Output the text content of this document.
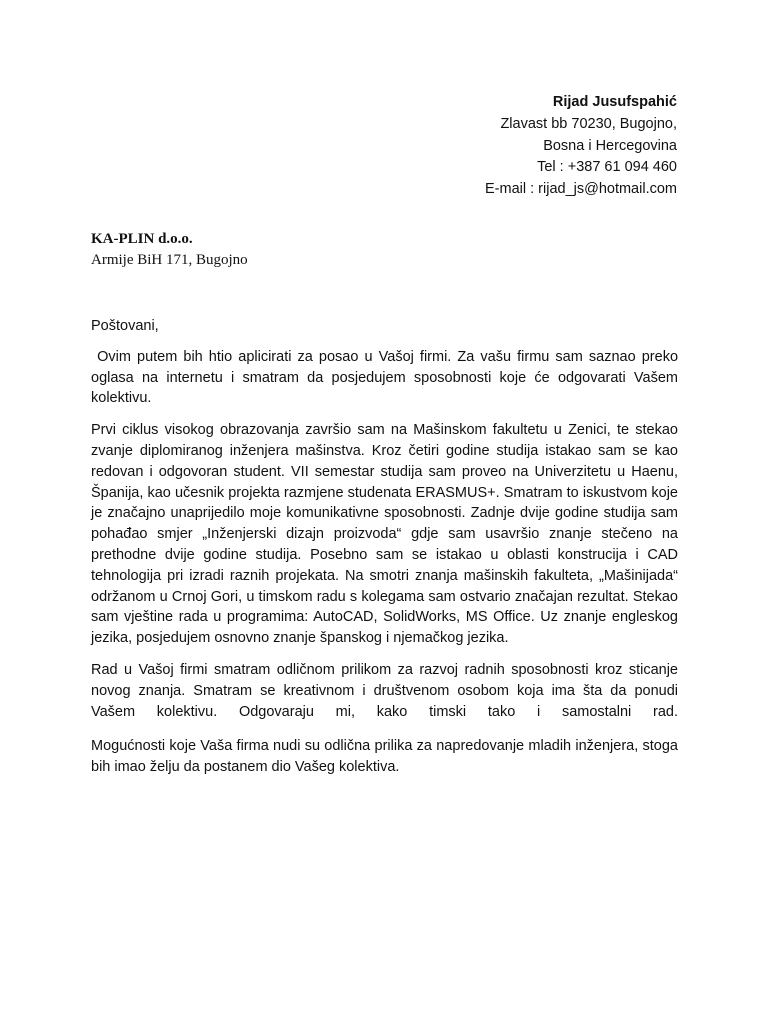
Rijad Jusufspahić
Zlavast bb 70230, Bugojno,
Bosna i Hercegovina
Tel : +387 61 094 460
E-mail : rijad_js@hotmail.com
KA-PLIN d.o.o.
Armije BiH 171, Bugojno

Poštovani,

Ovim putem bih htio aplicirati za posao u Vašoj firmi. Za vašu firmu sam saznao preko oglasa na internetu i smatram da posjedujem sposobnosti koje će odgovarati Vašem kolektivu.

Prvi ciklus visokog obrazovanja završio sam na Mašinskom fakultetu u Zenici, te stekao zvanje diplomiranog inženjera mašinstva. Kroz četiri godine studija istakao sam se kao redovan i odgovoran student. VII semestar studija sam proveo na Univerzitetu u Haenu, Španija, kao učesnik projekta razmjene studenata ERASMUS+. Smatram to iskustvom koje je značajno unaprijedilo moje komunikativne sposobnosti. Zadnje dvije godine studija sam pohađao smjer „Inženjerski dizajn proizvoda“ gdje sam usavršio znanje stečeno na prethodne dvije godine studija. Posebno sam se istakao u oblasti konstrucija i CAD tehnologija pri izradi raznih projekata. Na smotri znanja mašinskih fakulteta, „Mašinijada“ održanom u Crnoj Gori, u timskom radu s kolegama sam ostvario značajan rezultat. Stekao sam vještine rada u programima: AutoCAD, SolidWorks, MS Office. Uz znanje engleskog jezika, posjedujem osnovno znanje španskog i njemačkog jezika.

Rad u Vašoj firmi smatram odličnom prilikom za razvoj radnih sposobnosti kroz sticanje novog znanja. Smatram se kreativnom i društvenom osobom koja ima šta da ponudi Vašem kolektivu. Odgovaraju mi, kako timski tako i samostalni rad.

Mogućnosti koje Vaša firma nudi su odlična prilika za napredovanje mladih inženjera, stoga bih imao želju da postanem dio Vašeg kolektiva.
